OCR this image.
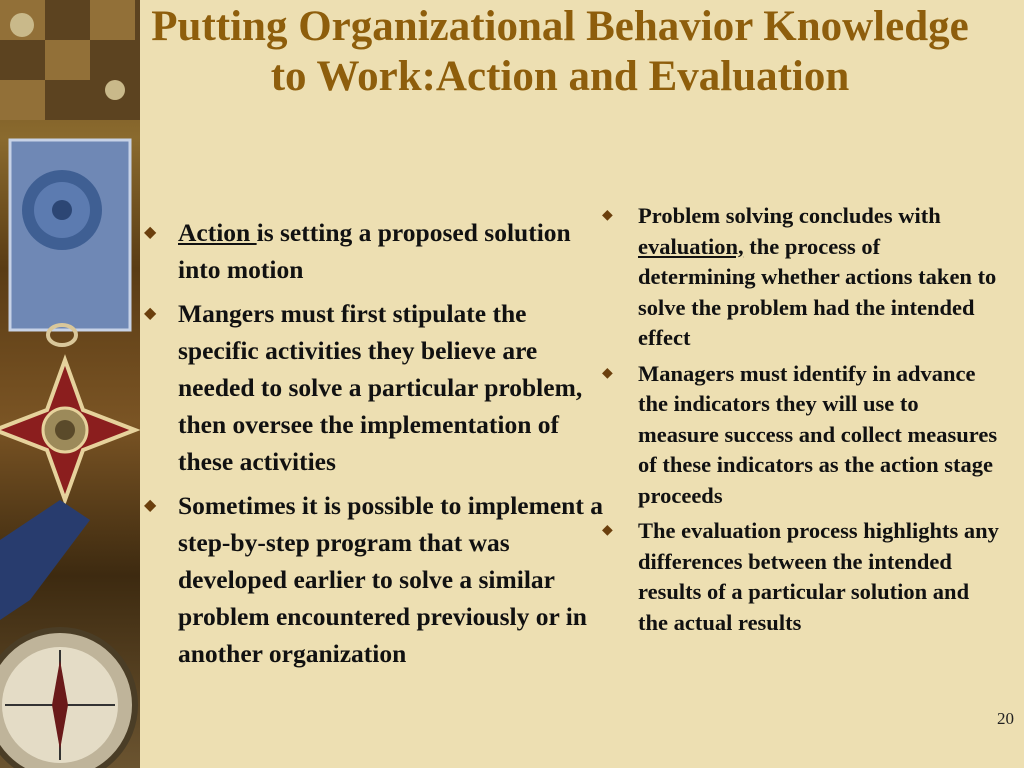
Putting Organizational Behavior Knowledge to Work:Action and Evaluation
◆ Action is setting a proposed solution into motion
◆ Mangers must first stipulate the specific activities they believe are needed to solve a particular problem, then oversee the implementation of these activities
◆ Sometimes it is possible to implement a step-by-step program that was developed earlier to solve a similar problem encountered previously or in another organization
◆ Problem solving concludes with evaluation, the process of determining whether actions taken to solve the problem had the intended effect
◆ Managers must identify in advance the indicators they will use to measure success and collect measures of these indicators as the action stage proceeds
◆ The evaluation process highlights any differences between the intended results of a particular solution and the actual results
20
